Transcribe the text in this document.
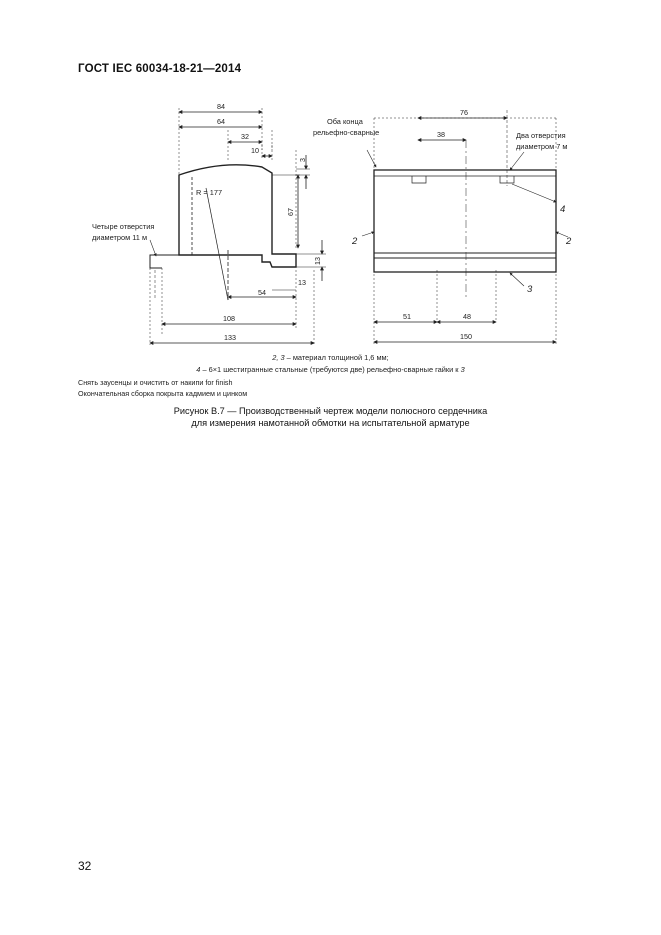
ГОСТ IEC 60034-18-21—2014
84
64
32
10
3
67
13
54
13
108
133
R = 177
Четыре отверстия
диаметром 11 м
76
38
51	48
150
Оба конца
рельефно-сварные	Два отверстия
диаметром 7 м
2	2
3
4
2, 3 – материал толщиной 1,6 мм;
4 – 6×1 шестигранные стальные (требуются две) рельефно-сварные гайки к 3
Снять заусенцы и очистить от накипи for finish
Окончательная сборка покрыта кадмием и цинком
Рисунок В.7 — Производственный чертеж модели полюсного сердечника
для измерения намотанной обмотки на испытательной арматуре
32
